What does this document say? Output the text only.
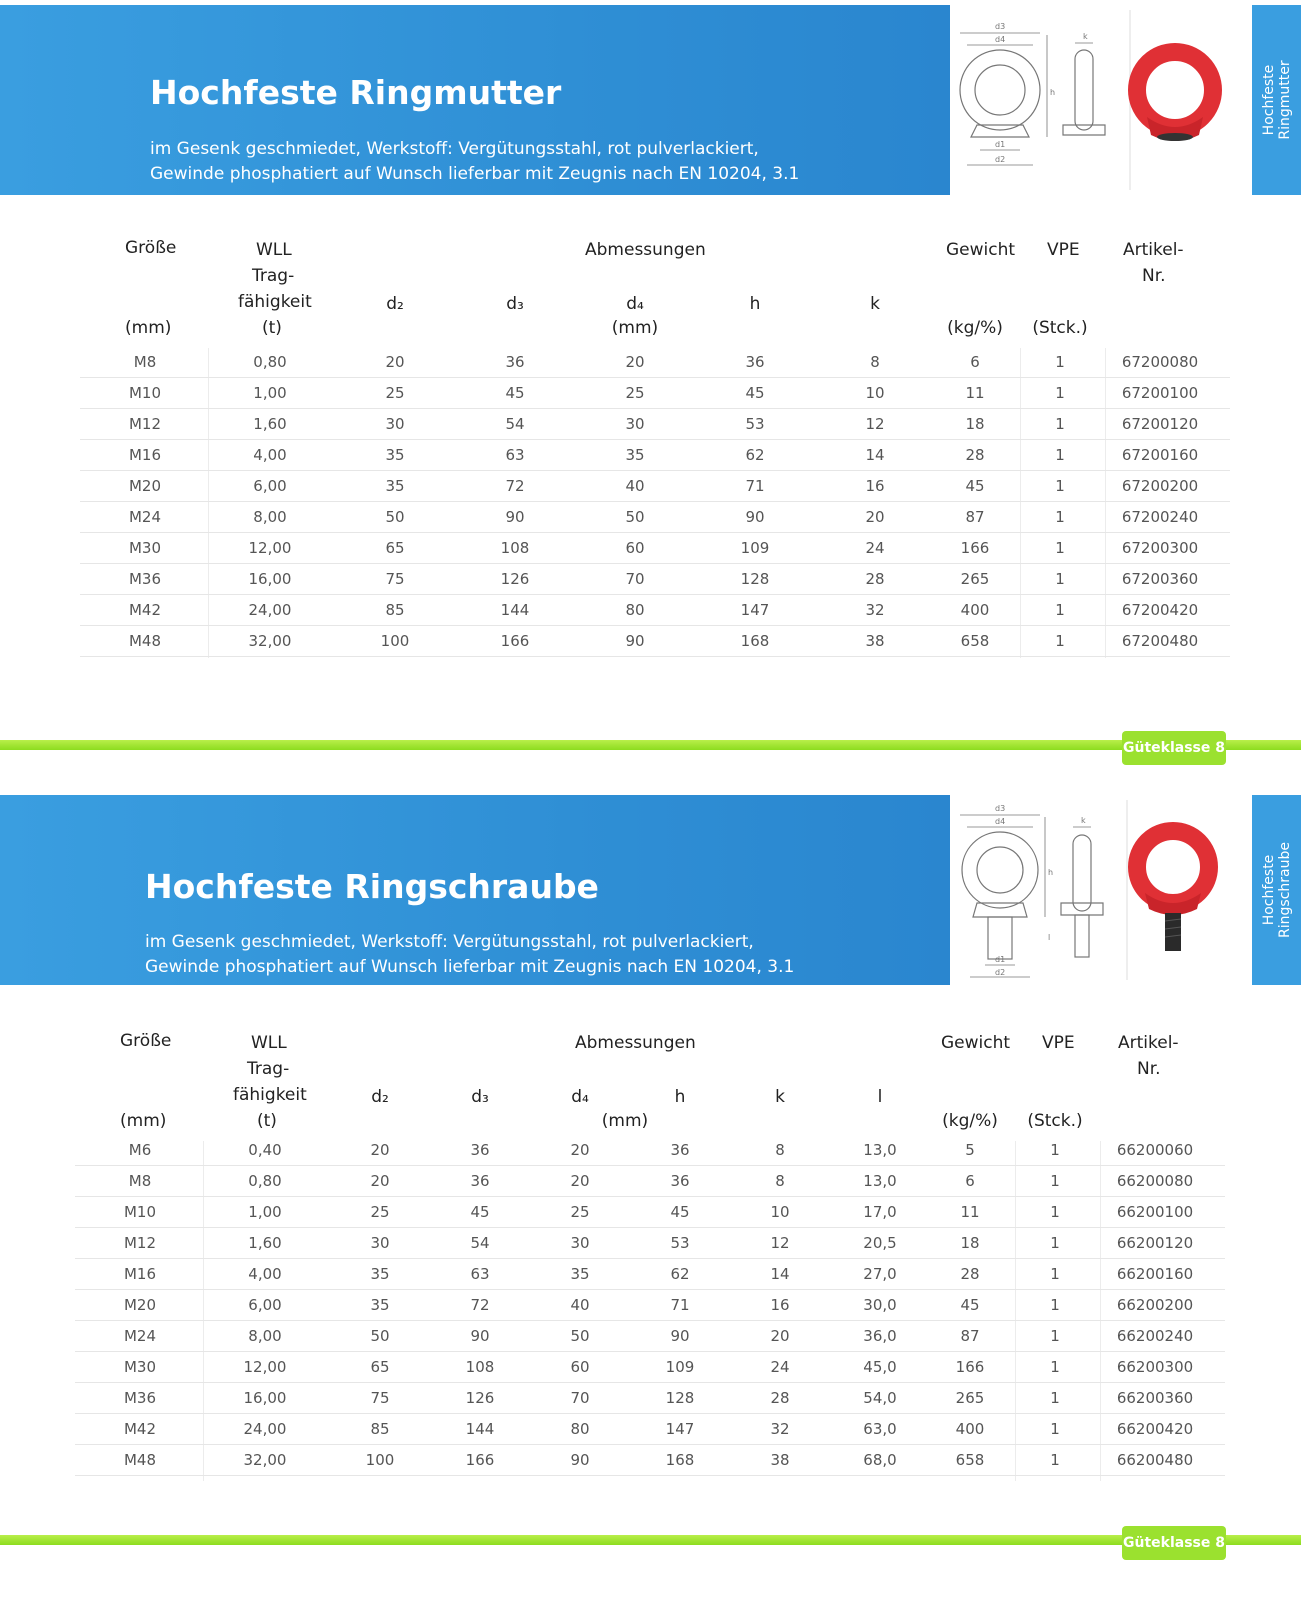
Hochfeste Ringmutter
im Gesenk geschmiedet, Werkstoff: Vergütungsstahl, rot pulverlackiert,
Gewinde phosphatiert auf Wunsch lieferbar mit Zeugnis nach EN 10204, 3.1
d3
d4
h
d1
d2
k
Hochfeste
Ringmutter
Größe	WLL
Trag-
fähigkeit
(t)
Abmessungen	Gewicht VPE	Artikel-
Nr.
(mm)
d₂	d₃	d₄
(mm)
h	k
(kg/%)	(Stck.)
M8	0,80	20	36	20	36	8	6	1	67200080
M10	1,00	25	45	25	45	10	11	1	67200100
M12	1,60	30	54	30	53	12	18	1	67200120
M16	4,00	35	63	35	62	14	28	1	67200160
M20	6,00	35	72	40	71	16	45	1	67200200
M24	8,00	50	90	50	90	20	87	1	67200240
M30	12,00	65	108	60	109	24	166	1	67200300
M36	16,00	75	126	70	128	28	265	1	67200360
M42	24,00	85	144	80	147	32	400	1	67200420
M48	32,00	100	166	90	168	38	658	1	67200480
Güteklasse 8
Hochfeste Ringschraube
im Gesenk geschmiedet, Werkstoff: Vergütungsstahl, rot pulverlackiert,
Gewinde phosphatiert auf Wunsch lieferbar mit Zeugnis nach EN 10204, 3.1
d3
d4
h
d1
d2
l
k
Hochfeste
Ringschraube
Größe	WLL
Trag-
fähigkeit
(t)
Abmessungen	Gewicht VPE	Artikel-
Nr.
(mm)
d₂	d₃	d₄
(mm)
h	k	l
(kg/%)	(Stck.)
M6	0,40	20	36	20	36	8	13,0	5	1	66200060
M8	0,80	20	36	20	36	8	13,0	6	1	66200080
M10	1,00	25	45	25	45	10	17,0	11	1	66200100
M12	1,60	30	54	30	53	12	20,5	18	1	66200120
M16	4,00	35	63	35	62	14	27,0	28	1	66200160
M20	6,00	35	72	40	71	16	30,0	45	1	66200200
M24	8,00	50	90	50	90	20	36,0	87	1	66200240
M30	12,00	65	108	60	109	24	45,0	166	1	66200300
M36	16,00	75	126	70	128	28	54,0	265	1	66200360
M42	24,00	85	144	80	147	32	63,0	400	1	66200420
M48	32,00	100	166	90	168	38	68,0	658	1	66200480
Güteklasse 8
